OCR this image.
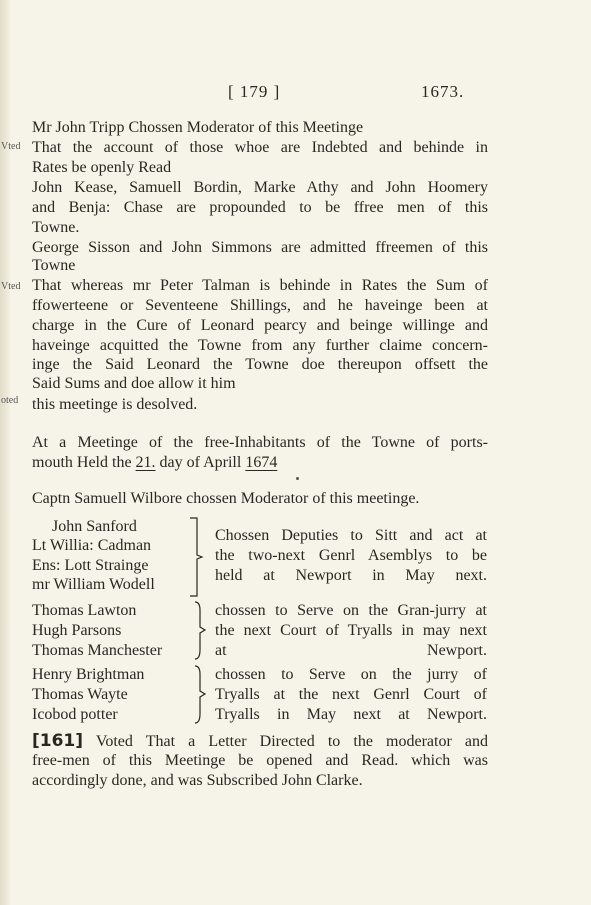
[ 179 ]	1673.
Vted
Vted
oted
Mr John Tripp Chossen Moderator of this Meetinge
That the account of those whoe are Indebted and behinde in
Rates be openly Read
John Kease, Samuell Bordin, Marke Athy and John Hoomery
and Benja: Chase are propounded to be ffree men of this
Towne.
George Sisson and John Simmons are admitted ffreemen of this
Towne
That whereas mr Peter Talman is behinde in Rates the Sum of
ffowerteene or Seventeene Shillings, and he haveinge been at
charge in the Cure of Leonard pearcy and beinge willinge and
haveinge acquitted the Towne from any further claime concern-
inge the Said Leonard the Towne doe thereupon offsett the
Said Sums and doe allow it him
this meetinge is desolved.
At a Meetinge of the free-Inhabitants of the Towne of ports-
mouth Held the 21. day of Aprill 1674
Captn Samuell Wilbore chossen Moderator of this meetinge.
John Sanford
Lt Willia: Cadman
Ens: Lott Strainge
mr William Wodell
Chossen Deputies to Sitt and act at
the two-next Genrl Asemblys to be
held at Newport in May next.
Thomas Lawton
Hugh Parsons
Thomas Manchester
chossen to Serve on the Gran-jurry at
the next Court of Tryalls in may next
at Newport.
Henry Brightman
Thomas Wayte
Icobod potter
chossen to Serve on the jurry of
Tryalls at the next Genrl Court of
Tryalls in May next at Newport.
[161] Voted That a Letter Directed to the moderator and
free-men of this Meetinge be opened and Read. which was
accordingly done, and was Subscribed John Clarke.
